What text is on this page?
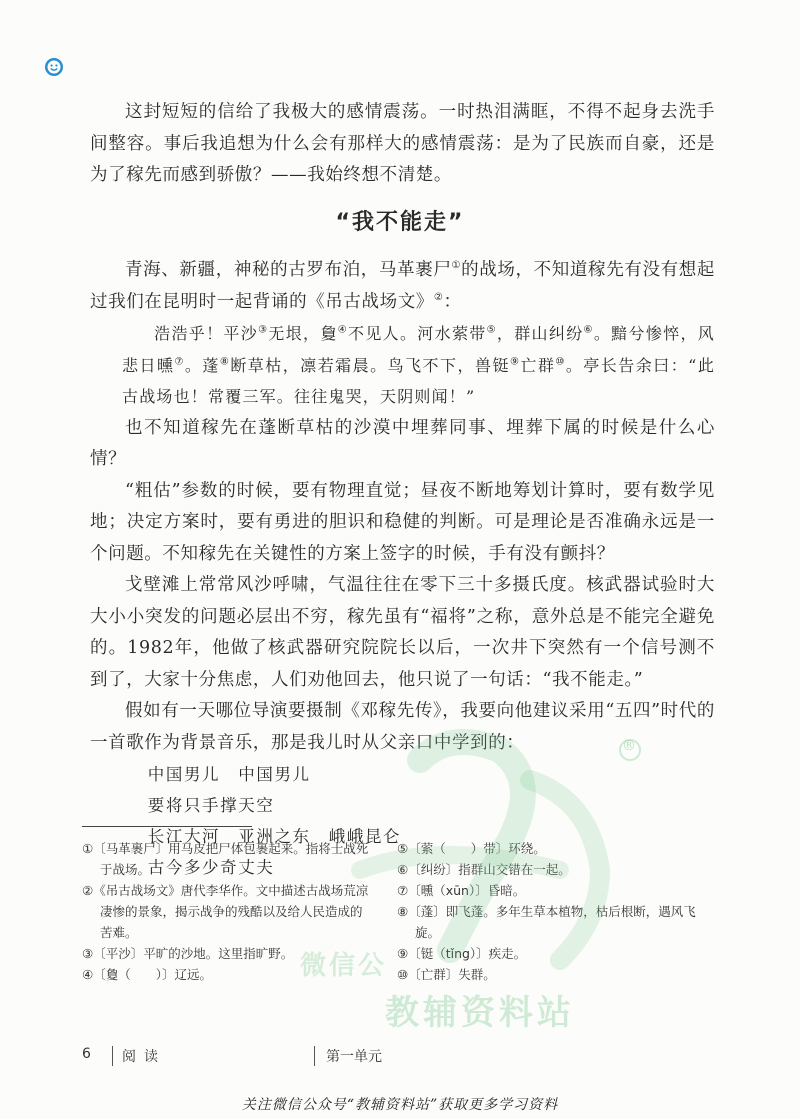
这封短短的信给了我极大的感情震荡。一时热泪满眶，不得不起身去洗手间整容。事后我追想为什么会有那样大的感情震荡：是为了民族而自豪，还是为了稼先而感到骄傲？——我始终想不清楚。

“我不能走”

青海、新疆，神秘的古罗布泊，马革裹尸①的战场，不知道稼先有没有想起过我们在昆明时一起背诵的《吊古战场文》②：

浩浩乎！平沙③无垠，敻④不见人。河水萦带⑤，群山纠纷⑥。黯兮惨悴，风悲日曛⑦。蓬⑧断草枯，凛若霜晨。鸟飞不下，兽铤⑨亡群⑩。亭长告余曰：“此古战场也！常覆三军。往往鬼哭，天阴则闻！”

也不知道稼先在蓬断草枯的沙漠中埋葬同事、埋葬下属的时候是什么心情？

“粗估”参数的时候，要有物理直觉；昼夜不断地筹划计算时，要有数学见地；决定方案时，要有勇进的胆识和稳健的判断。可是理论是否准确永远是一个问题。不知稼先在关键性的方案上签字的时候，手有没有颤抖？

戈壁滩上常常风沙呼啸，气温往往在零下三十多摄氏度。核武器试验时大大小小突发的问题必层出不穷，稼先虽有“福将”之称，意外总是不能完全避免的。1982年，他做了核武器研究院院长以后，一次井下突然有一个信号测不到了，大家十分焦虑，人们劝他回去，他只说了一句话：“我不能走。”

假如有一天哪位导演要摄制《邓稼先传》，我要向他建议采用“五四”时代的一首歌作为背景音乐，那是我儿时从父亲口中学到的：

中国男儿　中国男儿
要将只手撑天空
长江大河　亚洲之东　峨峨昆仑
古今多少奇丈夫
①〔马革裹尸〕用马皮把尸体包裹起来。指将士战死于战场。
②《吊古战场文》唐代李华作。文中描述古战场荒凉凄惨的景象，揭示战争的残酷以及给人民造成的苦难。
③〔平沙〕平旷的沙地。这里指旷野。
④〔敻（　　）〕辽远。
⑤〔萦（　　）带〕环绕。
⑥〔纠纷〕指群山交错在一起。
⑦〔曛（xūn）〕昏暗。
⑧〔蓬〕即飞蓬。多年生草本植物，枯后根断，遇风飞旋。
⑨〔铤（tǐng）〕疾走。
⑩〔亡群〕失群。
®
微信公
教辅资料站
6 阅读	第一单元
关注微信公众号“教辅资料站”获取更多学习资料
